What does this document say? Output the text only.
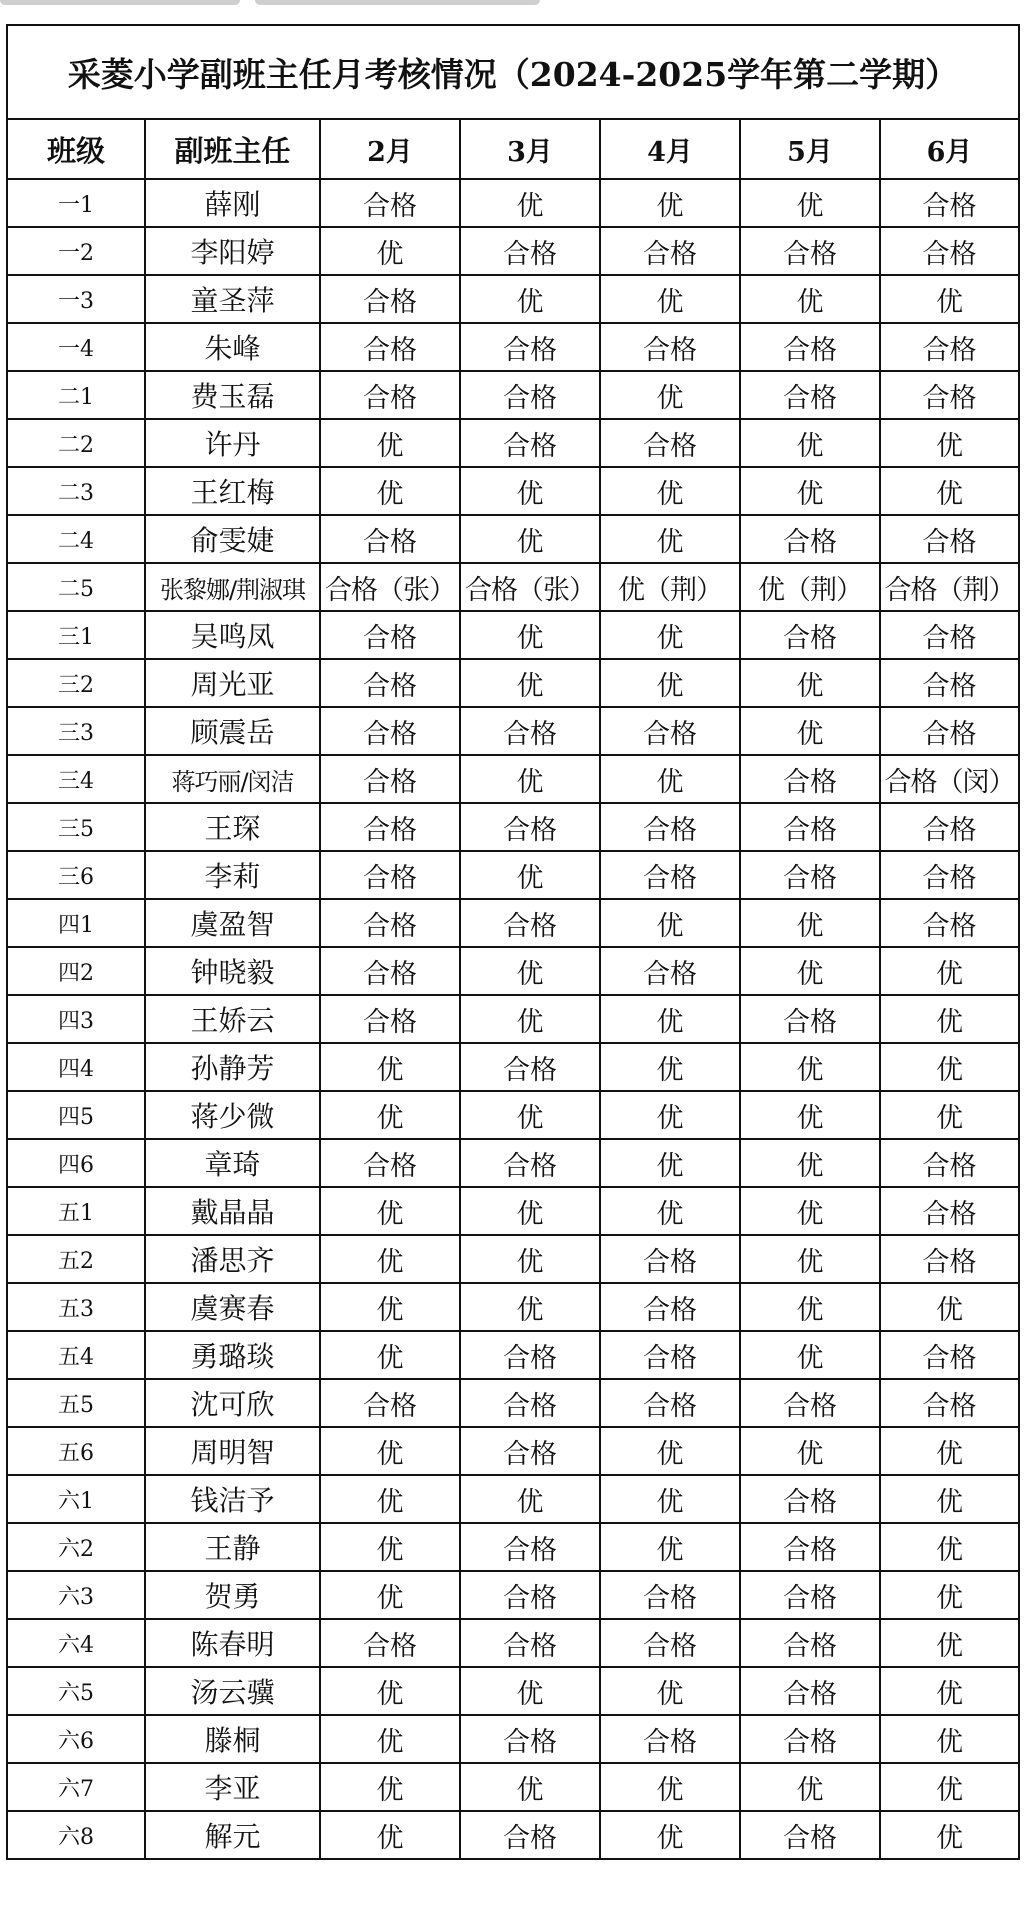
采菱小学副班主任月考核情况（2024-2025学年第二学期）						
班级	副班主任	2月	3月	4月	5月	6月
一1	薛刚	合格	优	优	优	合格
一2	李阳婷	优	合格	合格	合格	合格
一3	童圣萍	合格	优	优	优	优
一4	朱峰	合格	合格	合格	合格	合格
二1	费玉磊	合格	合格	优	合格	合格
二2	许丹	优	合格	合格	优	优
二3	王红梅	优	优	优	优	优
二4	俞雯婕	合格	优	优	合格	合格
二5	张黎娜/荆淑琪	合格（张）	合格（张）	优（荆）	优（荆）	合格（荆）
三1	吴鸣凤	合格	优	优	合格	合格
三2	周光亚	合格	优	优	优	合格
三3	顾震岳	合格	合格	合格	优	合格
三4	蒋巧丽/闵洁	合格	优	优	合格	合格（闵）
三5	王琛	合格	合格	合格	合格	合格
三6	李莉	合格	优	合格	合格	合格
四1	虞盈智	合格	合格	优	优	合格
四2	钟晓毅	合格	优	合格	优	优
四3	王娇云	合格	优	优	合格	优
四4	孙静芳	优	合格	优	优	优
四5	蒋少微	优	优	优	优	优
四6	章琦	合格	合格	优	优	合格
五1	戴晶晶	优	优	优	优	合格
五2	潘思齐	优	优	合格	优	合格
五3	虞赛春	优	优	合格	优	优
五4	勇璐琰	优	合格	合格	优	合格
五5	沈可欣	合格	合格	合格	合格	合格
五6	周明智	优	合格	优	优	优
六1	钱洁予	优	优	优	合格	优
六2	王静	优	合格	优	合格	优
六3	贺勇	优	合格	合格	合格	优
六4	陈春明	合格	合格	合格	合格	优
六5	汤云骥	优	优	优	合格	优
六6	滕桐	优	合格	合格	合格	优
六7	李亚	优	优	优	优	优
六8	解元	优	合格	优	合格	优
